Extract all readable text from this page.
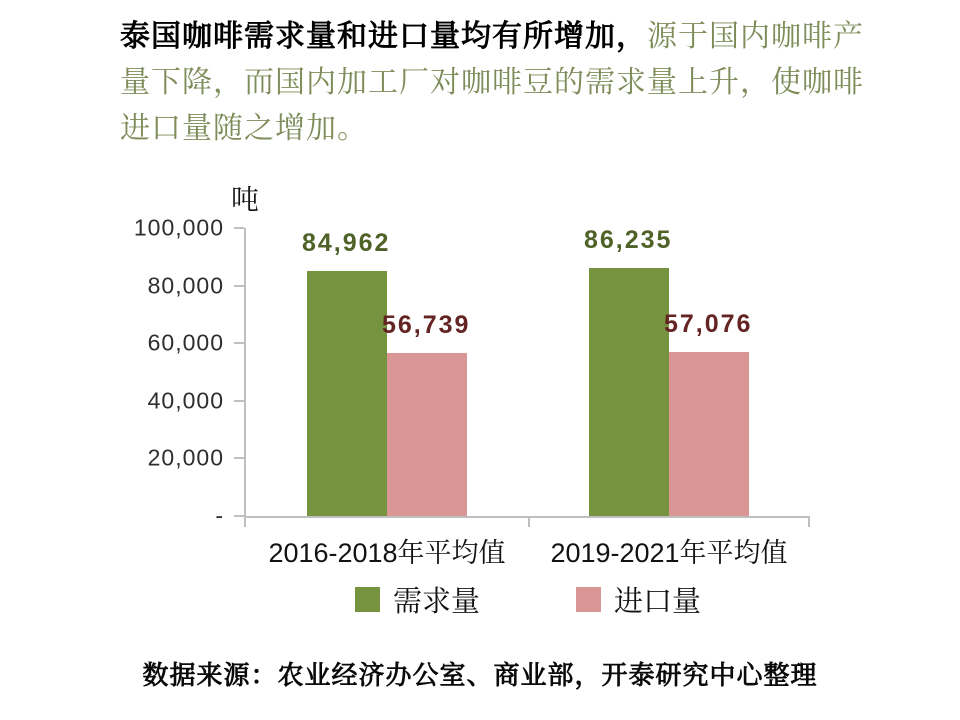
泰国咖啡需求量和进口量均有所增加，源于国内咖啡产量下降，而国内加工厂对咖啡豆的需求量上升，使咖啡进口量随之增加。
吨
100,000
80,000
60,000
40,000
20,000
-
84,962
56,739
86,235
57,076
2016-2018年平均值	2019-2021年平均值
需求量	进口量
数据来源：农业经济办公室、商业部，开泰研究中心整理
